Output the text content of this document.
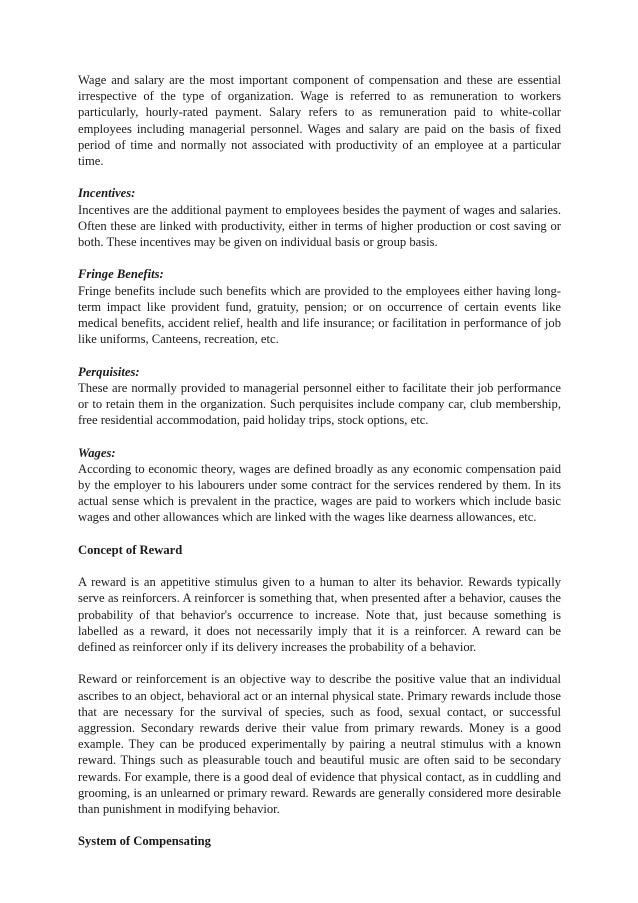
Wage and salary are the most important component of compensation and these are essential irrespective of the type of organization. Wage is referred to as remuneration to workers particularly, hourly-rated payment. Salary refers to as remuneration paid to white-collar employees including managerial personnel. Wages and salary are paid on the basis of fixed period of time and normally not associated with productivity of an employee at a particular time.

Incentives:
Incentives are the additional payment to employees besides the payment of wages and salaries. Often these are linked with productivity, either in terms of higher production or cost saving or both. These incentives may be given on individual basis or group basis.

Fringe Benefits:
Fringe benefits include such benefits which are provided to the employees either having long-term impact like provident fund, gratuity, pension; or on occurrence of certain events like medical benefits, accident relief, health and life insurance; or facilitation in performance of job like uniforms, Canteens, recreation, etc.

Perquisites:
These are normally provided to managerial personnel either to facilitate their job performance or to retain them in the organization. Such perquisites include company car, club membership, free residential accommodation, paid holiday trips, stock options, etc.

Wages:
According to economic theory, wages are defined broadly as any economic compensation paid by the employer to his labourers under some contract for the services rendered by them. In its actual sense which is prevalent in the practice, wages are paid to workers which include basic wages and other allowances which are linked with the wages like dearness allowances, etc.

Concept of Reward

A reward is an appetitive stimulus given to a human to alter its behavior. Rewards typically serve as reinforcers. A reinforcer is something that, when presented after a behavior, causes the probability of that behavior's occurrence to increase. Note that, just because something is labelled as a reward, it does not necessarily imply that it is a reinforcer. A reward can be defined as reinforcer only if its delivery increases the probability of a behavior.

Reward or reinforcement is an objective way to describe the positive value that an individual ascribes to an object, behavioral act or an internal physical state. Primary rewards include those that are necessary for the survival of species, such as food, sexual contact, or successful aggression. Secondary rewards derive their value from primary rewards. Money is a good example. They can be produced experimentally by pairing a neutral stimulus with a known reward. Things such as pleasurable touch and beautiful music are often said to be secondary rewards. For example, there is a good deal of evidence that physical contact, as in cuddling and grooming, is an unlearned or primary reward. Rewards are generally considered more desirable than punishment in modifying behavior.

System of Compensating
